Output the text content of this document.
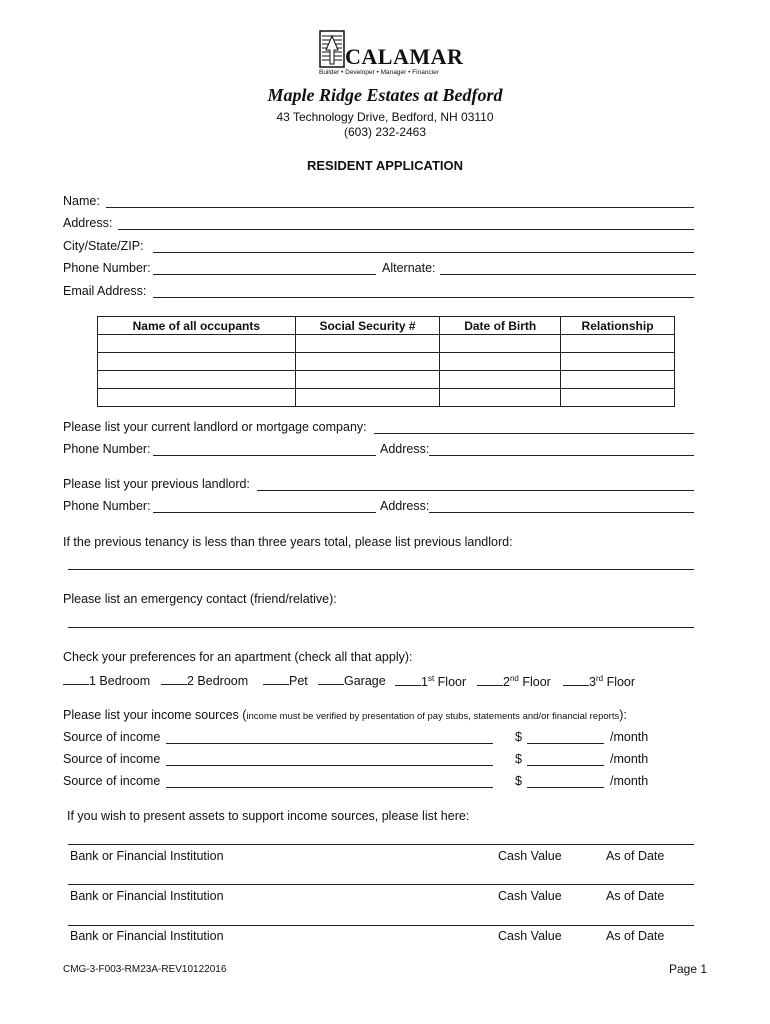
CALAMAR
Builder • Developer • Manager • Financier
Maple Ridge Estates at Bedford
43 Technology Drive, Bedford, NH 03110
(603) 232-2463
RESIDENT APPLICATION
Name:
Address:
City/State/ZIP:
Phone Number:	Alternate:
Email Address:
Name of all occupants	Social Security #	Date of Birth	Relationship

Please list your current landlord or mortgage company:
Phone Number:	Address:
Please list your previous landlord:
Phone Number:	Address:
If the previous tenancy is less than three years total, please list previous landlord:
Please list an emergency contact (friend/relative):
Check your preferences for an apartment (check all that apply):
1 Bedroom	2 Bedroom	Pet	Garage	1st Floor	2nd Floor	3rd Floor
Please list your income sources (income must be verified by presentation of pay stubs, statements and/or financial reports):
Source of income	$	/month
Source of income	$	/month
Source of income	$	/month
If you wish to present assets to support income sources, please list here:
Bank or Financial Institution	Cash Value	As of Date
Bank or Financial Institution	Cash Value	As of Date
Bank or Financial Institution	Cash Value	As of Date
CMG-3-F003-RM23A-REV10122016	Page 1
